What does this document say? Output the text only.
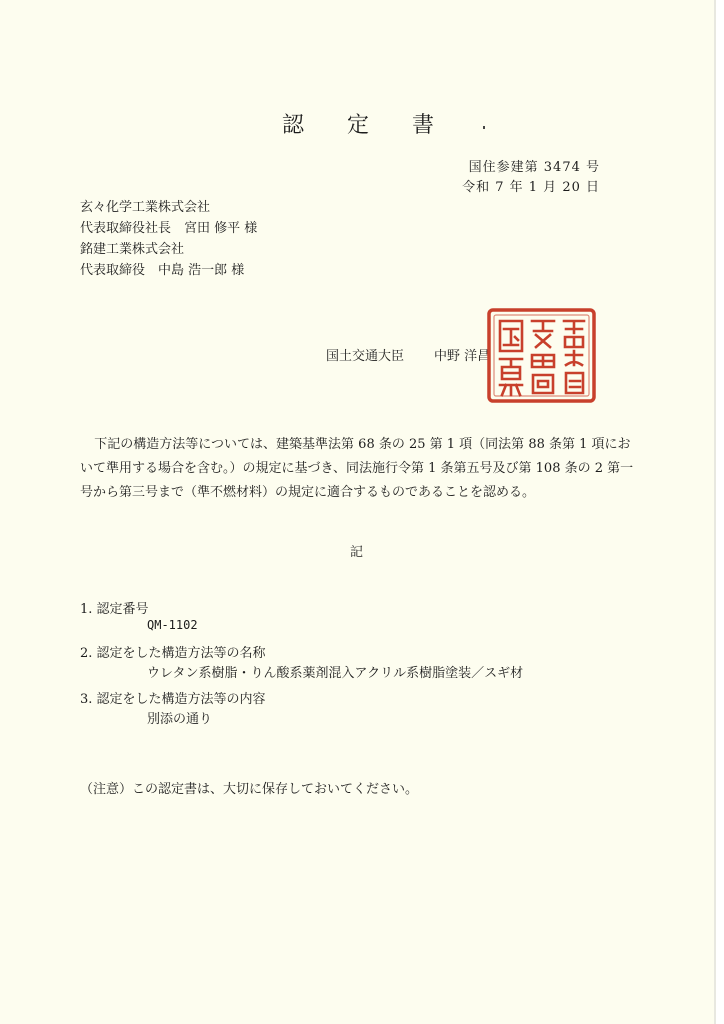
認 定 書
国住参建第 3474 号
令和 7 年 1 月 20 日
玄々化学工業株式会社
代表取締役社長　宮田 修平 様
銘建工業株式会社
代表取締役　中島 浩一郎 様
国土交通大臣 中野 洋昌
下記の構造方法等については、建築基準法第 68 条の 25 第 1 項（同法第 88 条第 1 項において準用する場合を含む。）の規定に基づき、同法施行令第 1 条第五号及び第 108 条の 2 第一号から第三号まで（準不燃材料）の規定に適合するものであることを認める。
記
1. 認定番号
QM-1102
2. 認定をした構造方法等の名称
ウレタン系樹脂・りん酸系薬剤混入アクリル系樹脂塗装／スギ材
3. 認定をした構造方法等の内容
別添の通り
（注意）この認定書は、大切に保存しておいてください。
